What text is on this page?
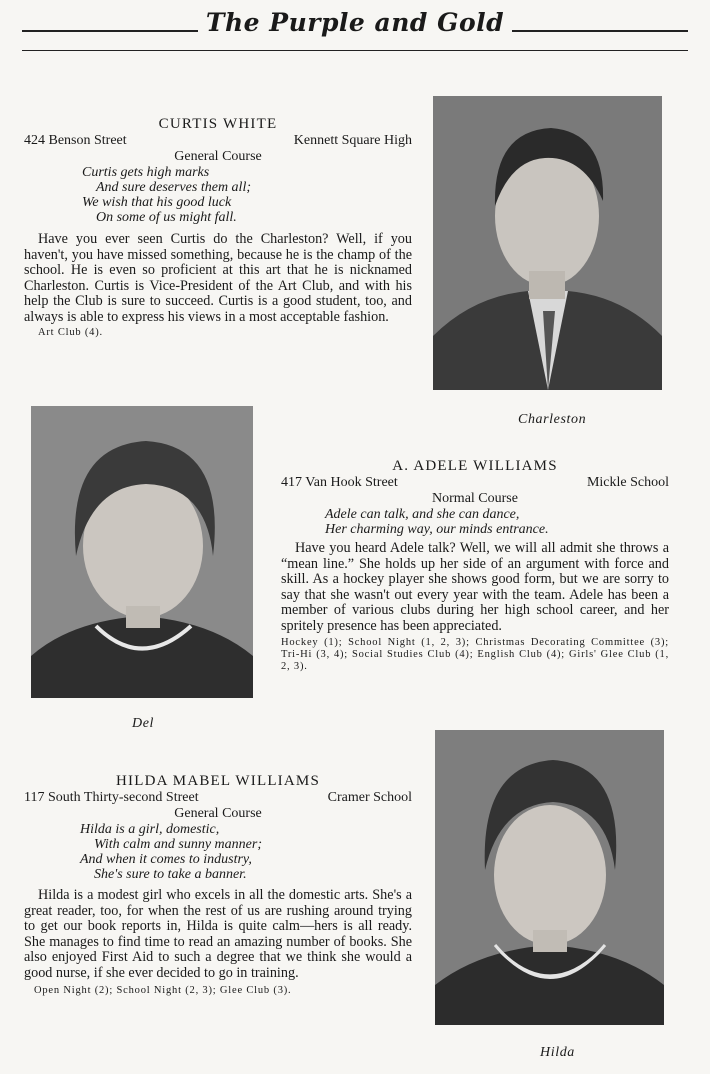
The Purple and Gold
CURTIS WHITE
424 Benson Street	Kennett Square High
General Course
Curtis gets high marks
And sure deserves them all;
We wish that his good luck
On some of us might fall.

Have you ever seen Curtis do the Charleston? Well, if you haven't, you have missed something, because he is the champ of the school. He is even so proficient at this art that he is nicknamed Charleston. Curtis is Vice-President of the Art Club, and with his help the Club is sure to succeed. Curtis is a good student, too, and always is able to express his views in a most acceptable fashion.

Art Club (4).
Charleston
Del
A. ADELE WILLIAMS
417 Van Hook Street	Mickle School
Normal Course
Adele can talk, and she can dance,
Her charming way, our minds entrance.

Have you heard Adele talk? Well, we will all admit she throws a “mean line.” She holds up her side of an argument with force and skill. As a hockey player she shows good form, but we are sorry to say that she wasn't out every year with the team. Adele has been a member of various clubs during her high school career, and her spritely presence has been appreciated.

Hockey (1); School Night (1, 2, 3); Christmas Decorating Committee (3); Tri-Hi (3, 4); Social Studies Club (4); English Club (4); Girls' Glee Club (1, 2, 3).
HILDA MABEL WILLIAMS
117 South Thirty-second Street	Cramer School
General Course
Hilda is a girl, domestic,
With calm and sunny manner;
And when it comes to industry,
She's sure to take a banner.

Hilda is a modest girl who excels in all the domestic arts. She's a great reader, too, for when the rest of us are rushing around trying to get our book reports in, Hilda is quite calm—hers is all ready. She manages to find time to read an amazing number of books. She also enjoyed First Aid to such a degree that we think she would a good nurse, if she ever decided to go in training.

Open Night (2); School Night (2, 3); Glee Club (3).
Hilda
